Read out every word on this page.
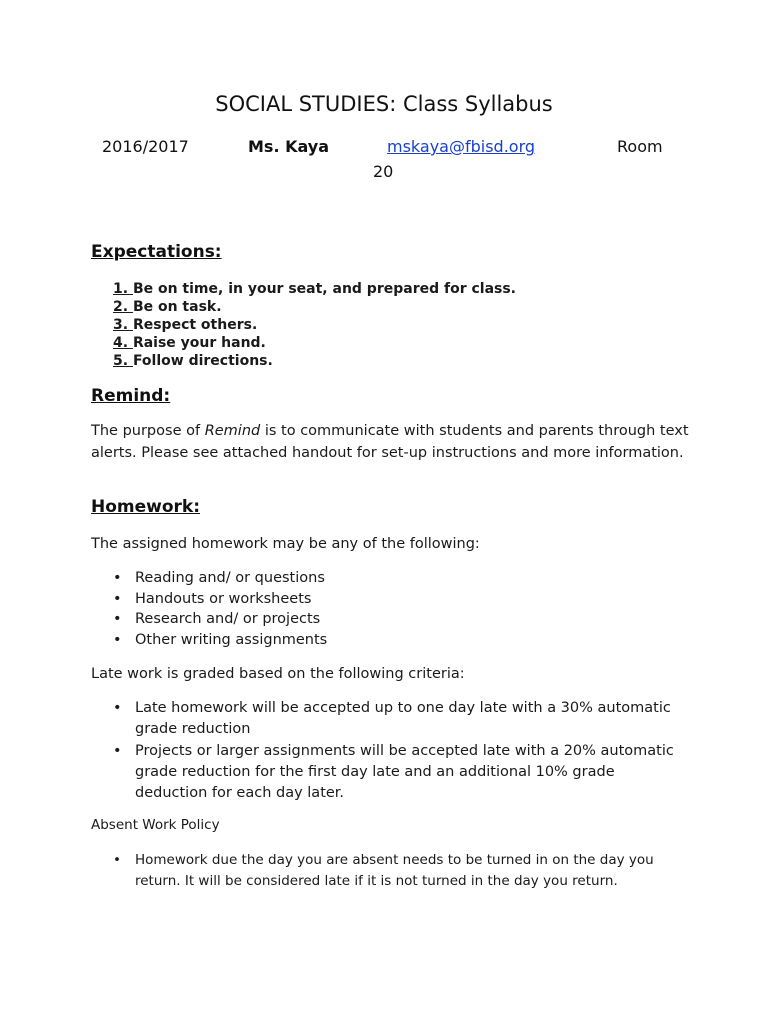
SOCIAL STUDIES: Class Syllabus
2016/2017	Ms. Kaya	mskaya@fbisd.org	Room
20
Expectations:
1. Be on time, in your seat, and prepared for class.
2. Be on task.
3. Respect others.
4. Raise your hand.
5. Follow directions.
Remind:

The purpose of Remind is to communicate with students and parents through text alerts. Please see attached handout for set-up instructions and more information.

Homework:

The assigned homework may be any of the following:

• Reading and/ or questions
• Handouts or worksheets
• Research and/ or projects
• Other writing assignments

Late work is graded based on the following criteria:

• Late homework will be accepted up to one day late with a 30% automatic grade reduction
• Projects or larger assignments will be accepted late with a 20% automatic grade reduction for the first day late and an additional 10% grade deduction for each day later.

Absent Work Policy

• Homework due the day you are absent needs to be turned in on the day you return. It will be considered late if it is not turned in the day you return.
